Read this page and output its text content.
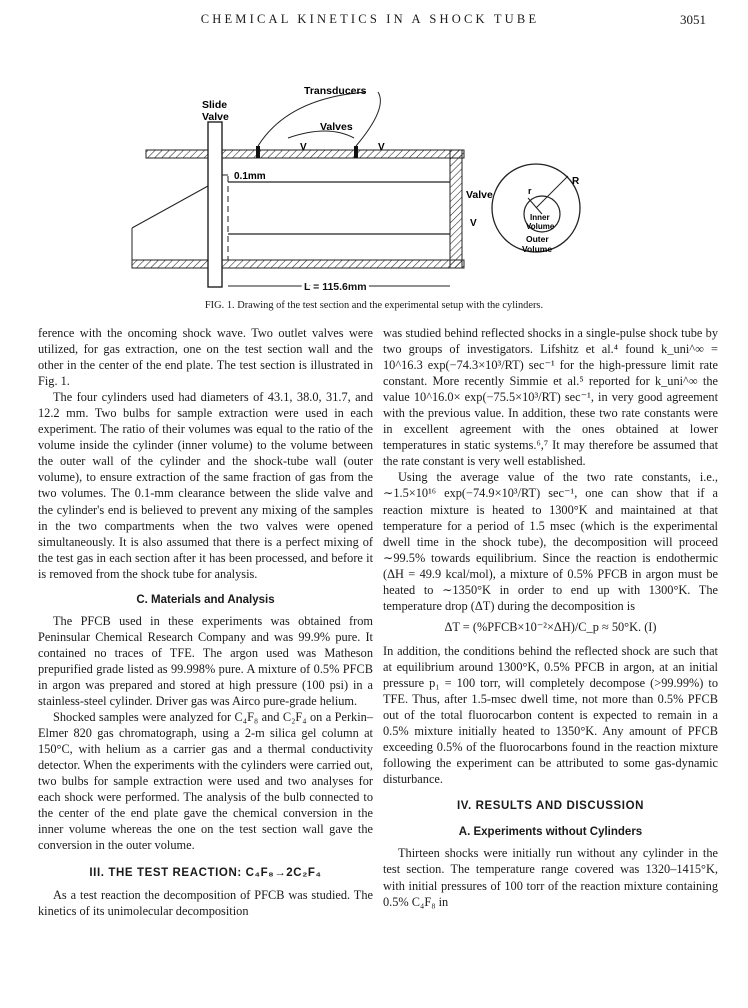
CHEMICAL KINETICS IN A SHOCK TUBE	3051
0.1mm
V	V
V
Transducers
Slide
Valve
Valves
Valve
L = 115.6mm
R
r
Inner
Volume
Outer
Volume
FIG. 1. Drawing of the test section and the experimental setup with the cylinders.

ference with the oncoming shock wave. Two outlet valves were utilized, for gas extraction, one on the test section wall and the other in the center of the end plate. The test section is illustrated in Fig. 1.

The four cylinders used had diameters of 43.1, 38.0, 31.7, and 12.2 mm. Two bulbs for sample extraction were used in each experiment. The ratio of their volumes was equal to the ratio of the volume inside the cylinder (inner volume) to the volume between the outer wall of the cylinder and the shock-tube wall (outer volume), to ensure extraction of the same fraction of gas from the two volumes. The 0.1-mm clearance between the slide valve and the cylinder's end is believed to prevent any mixing of the samples in the two compartments when the two valves were opened simultaneously. It is also assumed that there is a perfect mixing of the test gas in each section after it has been processed, and before it is removed from the shock tube for analysis.

C. Materials and Analysis

The PFCB used in these experiments was obtained from Peninsular Chemical Research Company and was 99.9% pure. It contained no traces of TFE. The argon used was Matheson prepurified grade listed as 99.998% pure. A mixture of 0.5% PFCB in argon was prepared and stored at high pressure (100 psi) in a stainless-steel cylinder. Driver gas was Airco pure-grade helium.

Shocked samples were analyzed for C₄F₈ and C₂F₄ on a Perkin–Elmer 820 gas chromatograph, using a 2-m silica gel column at 150°C, with helium as a carrier gas and a thermal conductivity detector. When the experiments with the cylinders were carried out, two bulbs for sample extraction were used and two analyses for each shock were performed. The analysis of the bulb connected to the center of the end plate gave the chemical conversion in the inner volume whereas the one on the test section wall gave the conversion in the outer volume.

III. THE TEST REACTION: C₄F₈→2C₂F₄

As a test reaction the decomposition of PFCB was studied. The kinetics of its unimolecular decomposition

was studied behind reflected shocks in a single-pulse shock tube by two groups of investigators. Lifshitz et al.⁴ found k_uni^∞ = 10^16.3 exp(−74.3×10³/RT) sec⁻¹ for the high-pressure limit rate constant. More recently Simmie et al.⁵ reported for k_uni^∞ the value 10^16.0× exp(−75.5×10³/RT) sec⁻¹, in very good agreement with the previous value. In addition, these two rate constants were in excellent agreement with the ones obtained at lower temperatures in static systems.⁶,⁷ It may therefore be assumed that the rate constant is very well established.

Using the average value of the two rate constants, i.e., ∼1.5×10¹⁶ exp(−74.9×10³/RT) sec⁻¹, one can show that if a reaction mixture is heated to 1300°K and maintained at that temperature for a period of 1.5 msec (which is the experimental dwell time in the shock tube), the decomposition will proceed ∼99.5% towards equilibrium. Since the reaction is endothermic (ΔH = 49.9 kcal/mol), a mixture of 0.5% PFCB in argon must be heated to ∼1350°K in order to end up with 1300°K. The temperature drop (ΔT) during the decomposition is

ΔT = (%PFCB×10⁻²×ΔH)/C_p ≈ 50°K. (I)

In addition, the conditions behind the reflected shock are such that at equilibrium around 1300°K, 0.5% PFCB in argon, at an initial pressure p₁ = 100 torr, will completely decompose (>99.99%) to TFE. Thus, after 1.5-msec dwell time, not more than 0.5% PFCB out of the total fluorocarbon content is expected to remain in a 0.5% mixture initially heated to 1350°K. Any amount of PFCB exceeding 0.5% of the fluorocarbons found in the reaction mixture following the experiment can be attributed to some gas-dynamic disturbance.

IV. RESULTS AND DISCUSSION
A. Experiments without Cylinders

Thirteen shocks were initially run without any cylinder in the test section. The temperature range covered was 1320–1415°K, with initial pressures of 100 torr of the reaction mixture containing 0.5% C₄F₈ in
